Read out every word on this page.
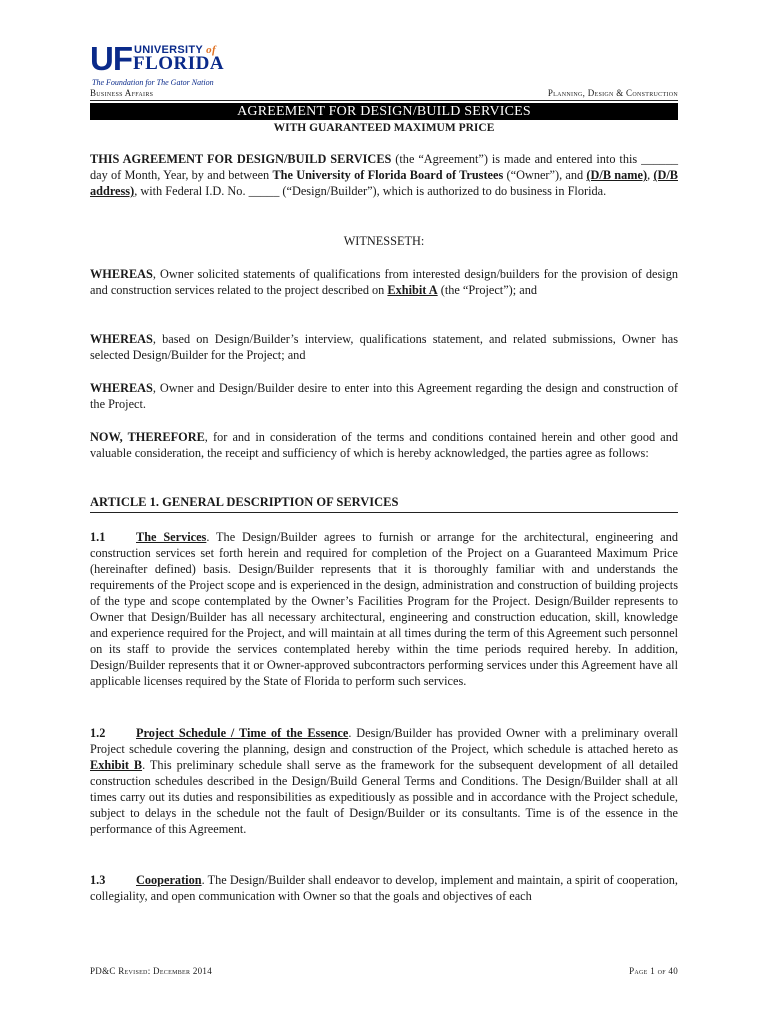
UF UNIVERSITY of
FLORIDA
The Foundation for The Gator Nation
Business Affairs	Planning, Design & Construction
AGREEMENT FOR DESIGN/BUILD SERVICES
WITH GUARANTEED MAXIMUM PRICE
THIS AGREEMENT FOR DESIGN/BUILD SERVICES (the “Agreement”) is made and entered into this ______ day of Month, Year, by and between The University of Florida Board of Trustees (“Owner”), and (D/B name), (D/B address), with Federal I.D. No. _____ (“Design/Builder”), which is authorized to do business in Florida.
WITNESSETH:
WHEREAS, Owner solicited statements of qualifications from interested design/builders for the provision of design and construction services related to the project described on Exhibit A (the “Project”); and
WHEREAS, based on Design/Builder’s interview, qualifications statement, and related submissions, Owner has selected Design/Builder for the Project; and
WHEREAS, Owner and Design/Builder desire to enter into this Agreement regarding the design and construction of the Project.
NOW, THEREFORE, for and in consideration of the terms and conditions contained herein and other good and valuable consideration, the receipt and sufficiency of which is hereby acknowledged, the parties agree as follows:
ARTICLE 1. GENERAL DESCRIPTION OF SERVICES
1.1 The Services. The Design/Builder agrees to furnish or arrange for the architectural, engineering and construction services set forth herein and required for completion of the Project on a Guaranteed Maximum Price (hereinafter defined) basis. Design/Builder represents that it is thoroughly familiar with and understands the requirements of the Project scope and is experienced in the design, administration and construction of building projects of the type and scope contemplated by the Owner’s Facilities Program for the Project. Design/Builder represents to Owner that Design/Builder has all necessary architectural, engineering and construction education, skill, knowledge and experience required for the Project, and will maintain at all times during the term of this Agreement such personnel on its staff to provide the services contemplated hereby within the time periods required hereby. In addition, Design/Builder represents that it or Owner-approved subcontractors performing services under this Agreement have all applicable licenses required by the State of Florida to perform such services.
1.2 Project Schedule / Time of the Essence. Design/Builder has provided Owner with a preliminary overall Project schedule covering the planning, design and construction of the Project, which schedule is attached hereto as Exhibit B. This preliminary schedule shall serve as the framework for the subsequent development of all detailed construction schedules described in the Design/Build General Terms and Conditions. The Design/Builder shall at all times carry out its duties and responsibilities as expeditiously as possible and in accordance with the Project schedule, subject to delays in the schedule not the fault of Design/Builder or its consultants. Time is of the essence in the performance of this Agreement.
1.3 Cooperation. The Design/Builder shall endeavor to develop, implement and maintain, a spirit of cooperation, collegiality, and open communication with Owner so that the goals and objectives of each
PD&C Revised: December 2014	Page 1 of 40
